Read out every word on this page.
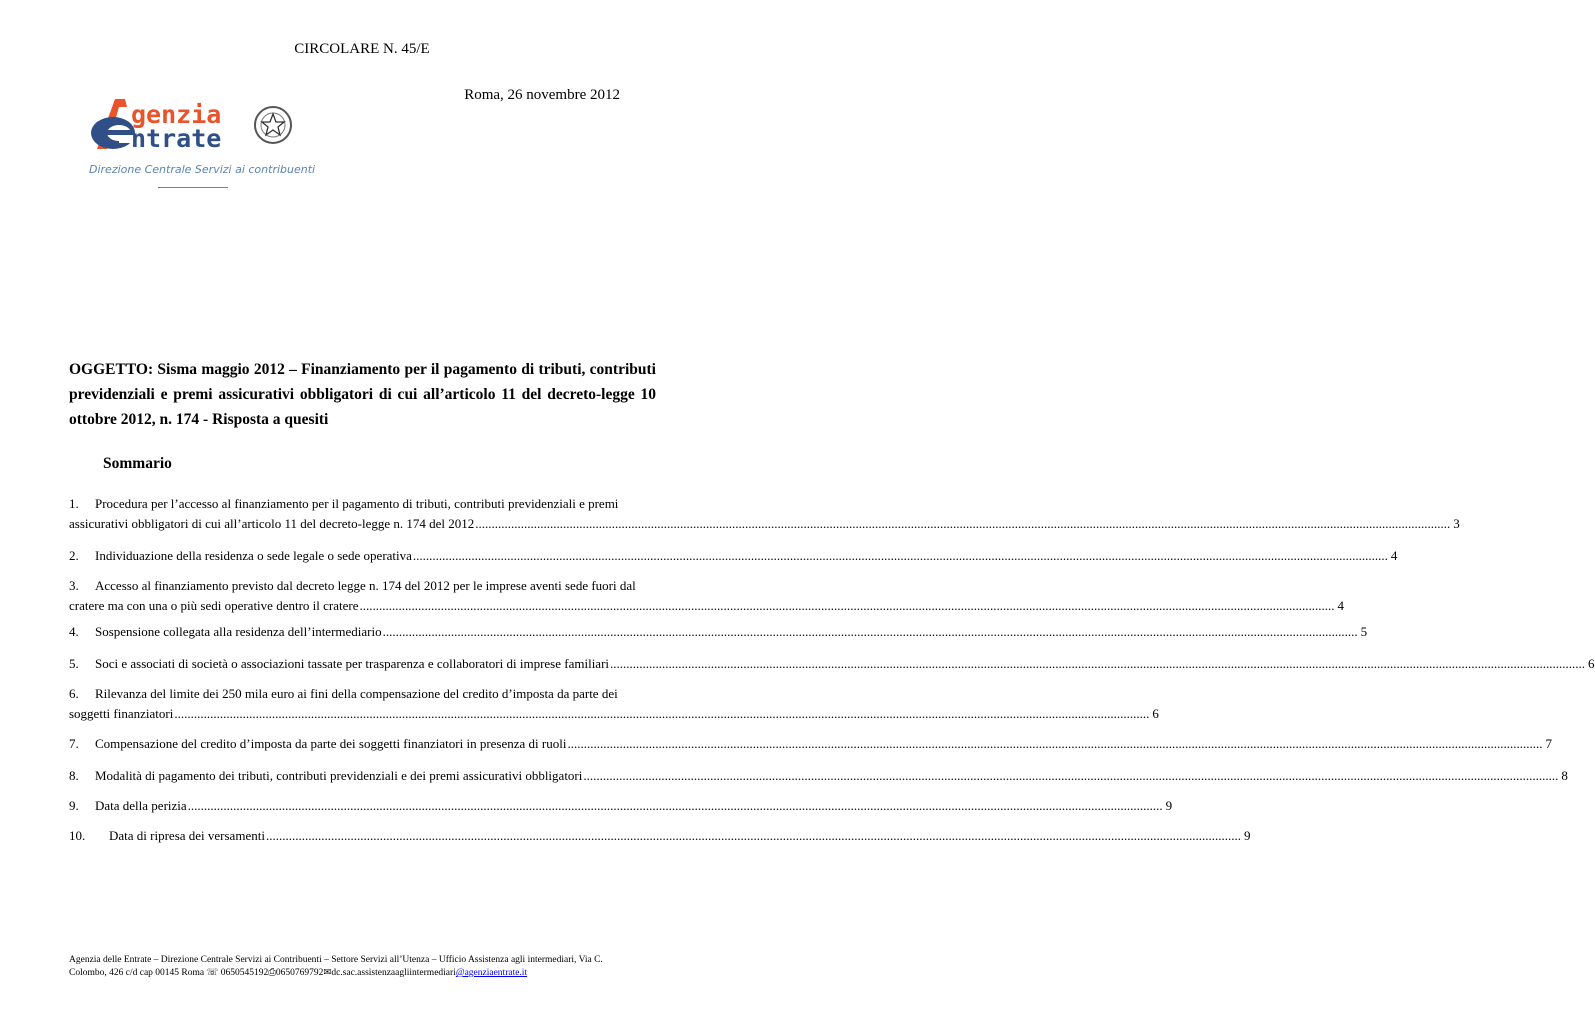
CIRCOLARE N. 45/E
Roma, 26 novembre 2012
genzia
ntrate
Direzione Centrale Servizi ai contribuenti
OGGETTO: Sisma maggio 2012 – Finanziamento per il pagamento di tributi, contributi previdenziali e premi assicurativi obbligatori di cui all’articolo 11 del decreto-legge 10 ottobre 2012, n. 174 - Risposta a quesiti
Sommario
1. Procedura per l’accesso al finanziamento per il pagamento di tributi, contributi previdenziali e premi
assicurativi obbligatori di cui all’articolo 11 del decreto-legge n. 174 del 2012 ............................................................................................................................................................................................................................................................................................................ 3
2.	Individuazione della residenza o sede legale o sede operativa ............................................................................................................................................................................................................................................................................................................ 4
3. Accesso al finanziamento previsto dal decreto legge n. 174 del 2012 per le imprese aventi sede fuori dal
cratere ma con una o più sedi operative dentro il cratere ............................................................................................................................................................................................................................................................................................................ 4
4.	Sospensione collegata alla residenza dell’intermediario ............................................................................................................................................................................................................................................................................................................ 5
5.	Soci e associati di società o associazioni tassate per trasparenza e collaboratori di imprese familiari ............................................................................................................................................................................................................................................................................................................ 6
6. Rilevanza del limite dei 250 mila euro ai fini della compensazione del credito d’imposta da parte dei
soggetti finanziatori ............................................................................................................................................................................................................................................................................................................ 6
7.	Compensazione del credito d’imposta da parte dei soggetti finanziatori in presenza di ruoli ............................................................................................................................................................................................................................................................................................................ 7
8.	Modalità di pagamento dei tributi, contributi previdenziali e dei premi assicurativi obbligatori ............................................................................................................................................................................................................................................................................................................ 8
9.	Data della perizia ............................................................................................................................................................................................................................................................................................................ 9
10.	Data di ripresa dei versamenti ............................................................................................................................................................................................................................................................................................................ 9
Agenzia delle Entrate – Direzione Centrale Servizi ai Contribuenti – Settore Servizi all’Utenza – Ufficio Assistenza agli intermediari, Via C.
Colombo, 426 c/d cap 00145 Roma ☏ 0650545192⎙0650769792✉dc.sac.assistenzaagliintermediari@agenziaentrate.it
